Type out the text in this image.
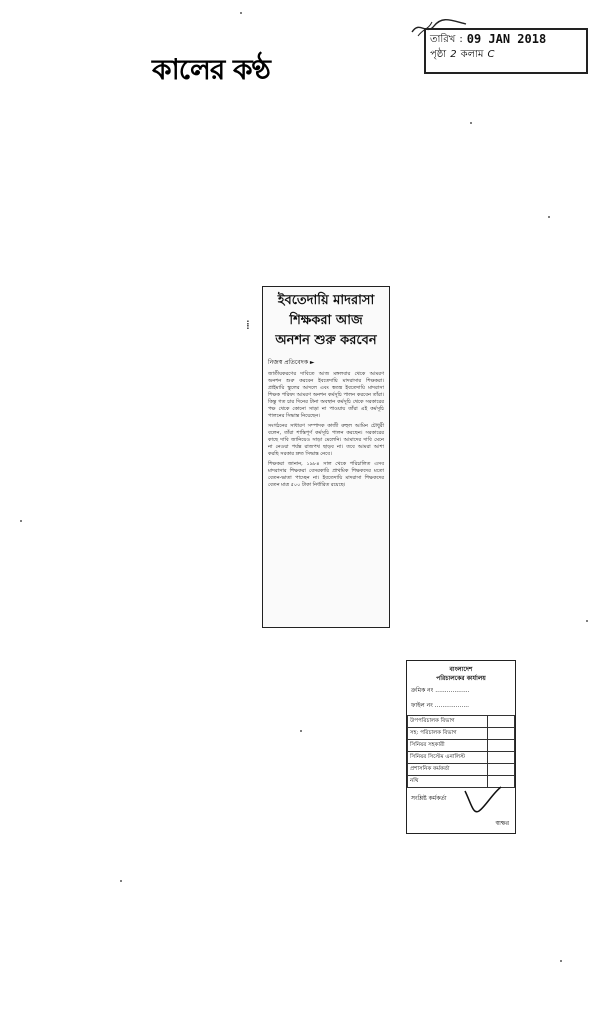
কালের কণ্ঠ
তারিখ : 09 JAN 2018
পৃষ্ঠা 2 কলাম C
⁞
ইবতেদায়ি মাদরাসা
শিক্ষকরা আজ
অনশন শুরু করবেন
নিজস্ব প্রতিবেদক ►
জাতীয়করণের দাবিতে আজ মঙ্গলবার থেকে আমরণ অনশন শুরু করবেন ইবতেদায়ি মাদরাসার শিক্ষকরা। প্রাইমারি স্কুলের আদলে এবং স্বতন্ত্র ইবতেদায়ি মাদরাসা শিক্ষক পরিষদ আমরণ অনশন কর্মসূচি পালন করবেন তাঁরা। কিন্তু গত চার দিনের টানা অবস্থান কর্মসূচি থেকে সরকারের পক্ষ থেকে কোনো সাড়া না পাওয়ায় তাঁরা এই কর্মসূচি পালনের সিদ্ধান্ত নিয়েছেন।
সংগঠনের সাধারণ সম্পাদক কাজী রুহুল আমিন চৌধুরী বলেন, তাঁরা শান্তিপূর্ণ কর্মসূচি পালন করছেন। সরকারের কাছে দাবি জানিয়েও সাড়া মেলেনি। আমাদের দাবি মেনে না নেওয়া পর্যন্ত রাজপথ ছাড়ব না। তবে আমরা আশা করছি সরকার দ্রুত সিদ্ধান্ত নেবে।
শিক্ষকরা জানান, ১৯৮৪ সাল থেকে পরিচালিত এসব মাদরাসার শিক্ষকরা বেসরকারি প্রাথমিক শিক্ষকদের মতো বেতন-ভাতা পাচ্ছেন না। ইবতেদায়ি মাদরাসা শিক্ষকদের বেতন মাত্র ৫০০ টাকা নির্ধারিত রয়েছে।
বাংলাদেশ
পরিচালকের কার্যালয়
ক্রমিক নং ..................
ফাইল নং ..................
উপপরিচালক বিভাগ	
সহ: পরিচালক বিভাগ	
সিনিয়র সহকারী	
সিনিয়র সিস্টেম এনালিস্ট	
প্রশাসনিক কর্মকর্তা	
নথি	
সংশ্লিষ্ট কর্মকর্তা
স্বাক্ষর
